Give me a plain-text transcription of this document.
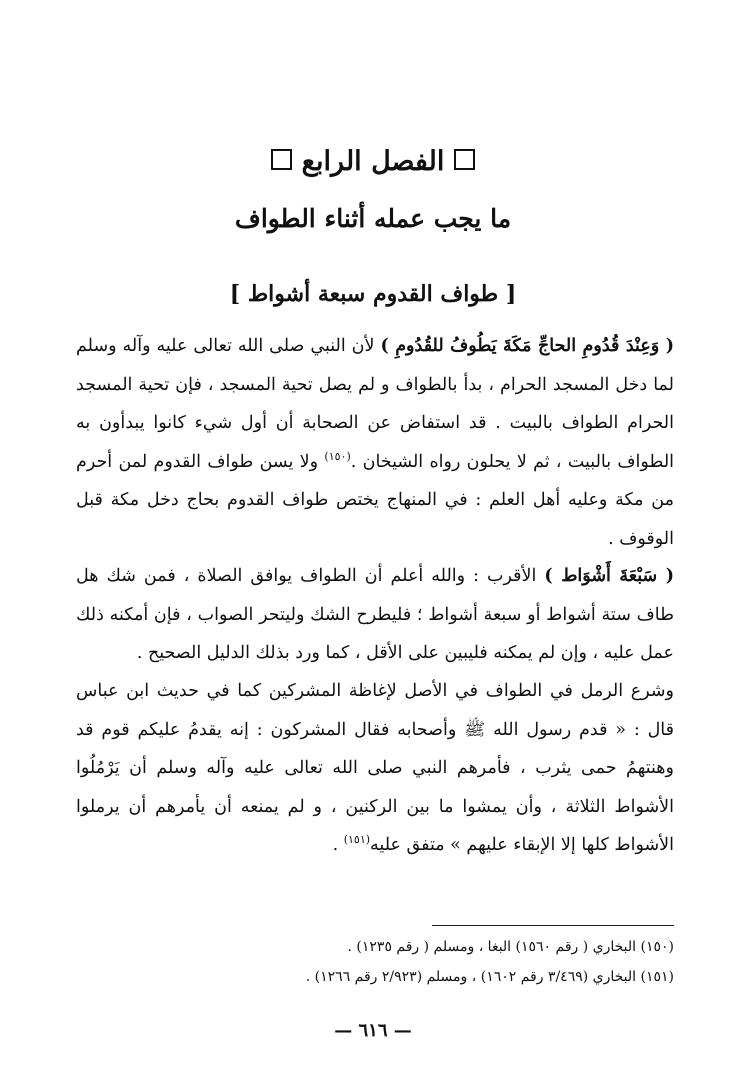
الفصل الرابع
ما يجب عمله أثناء الطواف
[ طواف القدوم سبعة أشواط ]

( وَعِنْدَ قُدُومِ الحاجِّ مَكَةَ يَطُوفُ للقُدُومِ ) لأن النبي صلى الله تعالى عليه وآله وسلم لما دخل المسجد الحرام ، بدأ بالطواف و لم يصل تحية المسجد ، فإن تحية المسجد الحرام الطواف بالبيت . قد استفاض عن الصحابة أن أول شيء كانوا يبدأون به الطواف بالبيت ، ثم لا يحلون رواه الشيخان .$^{(١٥٠)}$ ولا يسن طواف القدوم لمن أحرم من مكة وعليه أهل العلم : في المنهاج يختص طواف القدوم بحاج دخل مكة قبل الوقوف .

( سَبْعَةَ أَشْوَاط ) الأقرب : والله أعلم أن الطواف يوافق الصلاة ، فمن شك هل طاف ستة أشواط أو سبعة أشواط ؛ فليطرح الشك وليتحر الصواب ، فإن أمكنه ذلك عمل عليه ، وإن لم يمكنه فليبين على الأقل ، كما ورد بذلك الدليل الصحيح .

وشرع الرمل في الطواف في الأصل لإغاظة المشركين كما في حديث ابن عباس قال : « قدم رسول الله ﷺ وأصحابه فقال المشركون : إنه يقدمُ عليكم قوم قد وهنتهمُ حمى يثرب ، فأمرهم النبي صلى الله تعالى عليه وآله وسلم أن يَرْمُلُوا الأشواط الثلاثة ، وأن يمشوا ما بين الركنين ، و لم يمنعه أن يأمرهم أن يرملوا الأشواط كلها إلا الإبقاء عليهم » متفق عليه$^{(١٥١)}$ .

(١٥٠) البخاري ( رقم ١٥٦٠) البغا ، ومسلم ( رقم ١٢٣٥) .
(١٥١) البخاري (٣/٤٦٩ رقم ١٦٠٢) ، ومسلم (٢/٩٢٣ رقم ١٢٦٦) .
— ٦١٦ —
